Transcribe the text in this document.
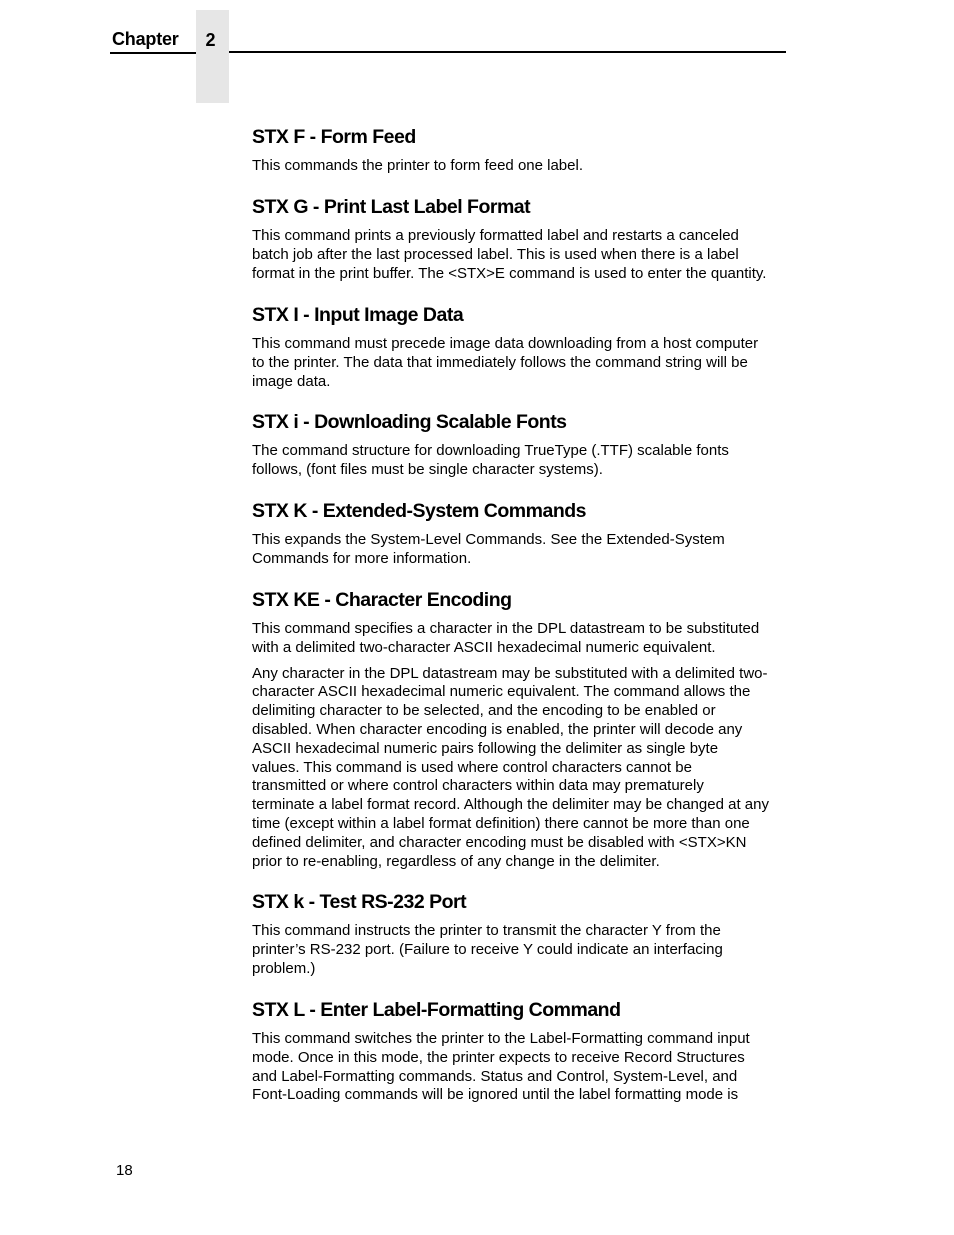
Chapter	2
STX F - Form Feed

This commands the printer to form feed one label.

STX G - Print Last Label Format

This command prints a previously formatted label and restarts a canceled
batch job after the last processed label. This is used when there is a label
format in the print buffer. The <STX>E command is used to enter the quantity.

STX I - Input Image Data

This command must precede image data downloading from a host computer
to the printer. The data that immediately follows the command string will be
image data.

STX i - Downloading Scalable Fonts

The command structure for downloading TrueType (.TTF) scalable fonts
follows, (font files must be single character systems).

STX K - Extended-System Commands

This expands the System-Level Commands. See the Extended-System
Commands for more information.

STX KE - Character Encoding

This command specifies a character in the DPL datastream to be substituted
with a delimited two-character ASCII hexadecimal numeric equivalent.

Any character in the DPL datastream may be substituted with a delimited two-
character ASCII hexadecimal numeric equivalent. The command allows the
delimiting character to be selected, and the encoding to be enabled or
disabled. When character encoding is enabled, the printer will decode any
ASCII hexadecimal numeric pairs following the delimiter as single byte
values. This command is used where control characters cannot be
transmitted or where control characters within data may prematurely
terminate a label format record. Although the delimiter may be changed at any
time (except within a label format definition) there cannot be more than one
defined delimiter, and character encoding must be disabled with <STX>KN
prior to re-enabling, regardless of any change in the delimiter.

STX k - Test RS-232 Port

This command instructs the printer to transmit the character Y from the
printer’s RS-232 port. (Failure to receive Y could indicate an interfacing
problem.)

STX L - Enter Label-Formatting Command

This command switches the printer to the Label-Formatting command input
mode. Once in this mode, the printer expects to receive Record Structures
and Label-Formatting commands. Status and Control, System-Level, and
Font-Loading commands will be ignored until the label formatting mode is

18
